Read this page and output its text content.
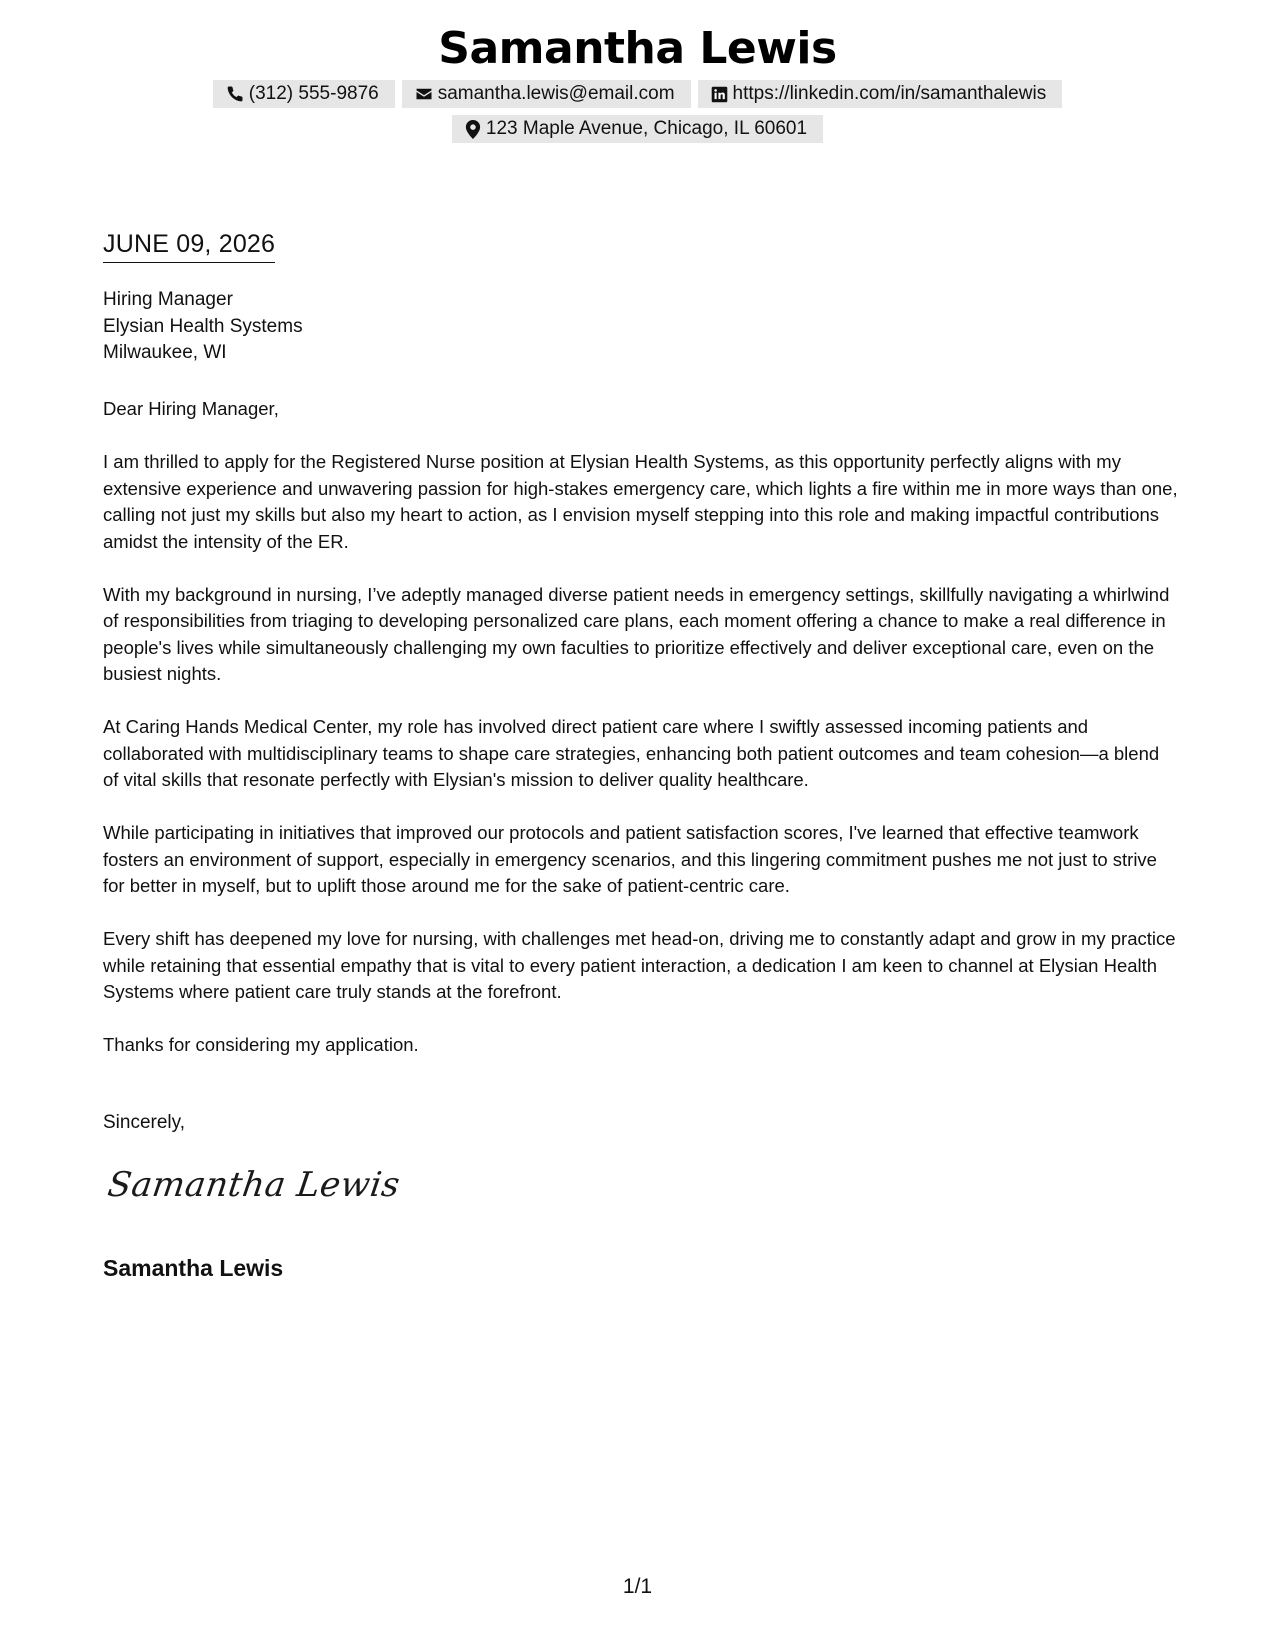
Samantha Lewis
(312) 555-9876	samantha.lewis@email.com	https://linkedin.com/in/samanthalewis
123 Maple Avenue, Chicago, IL 60601
JUNE 09, 2026
Hiring Manager
Elysian Health Systems
Milwaukee, WI

Dear Hiring Manager,

I am thrilled to apply for the Registered Nurse position at Elysian Health Systems, as this opportunity perfectly aligns with my extensive experience and unwavering passion for high-stakes emergency care, which lights a fire within me in more ways than one, calling not just my skills but also my heart to action, as I envision myself stepping into this role and making impactful contributions amidst the intensity of the ER.

With my background in nursing, I’ve adeptly managed diverse patient needs in emergency settings, skillfully navigating a whirlwind of responsibilities from triaging to developing personalized care plans, each moment offering a chance to make a real difference in people's lives while simultaneously challenging my own faculties to prioritize effectively and deliver exceptional care, even on the busiest nights.

At Caring Hands Medical Center, my role has involved direct patient care where I swiftly assessed incoming patients and collaborated with multidisciplinary teams to shape care strategies, enhancing both patient outcomes and team cohesion—a blend of vital skills that resonate perfectly with Elysian's mission to deliver quality healthcare.

While participating in initiatives that improved our protocols and patient satisfaction scores, I've learned that effective teamwork fosters an environment of support, especially in emergency scenarios, and this lingering commitment pushes me not just to strive for better in myself, but to uplift those around me for the sake of patient-centric care.

Every shift has deepened my love for nursing, with challenges met head-on, driving me to constantly adapt and grow in my practice while retaining that essential empathy that is vital to every patient interaction, a dedication I am keen to channel at Elysian Health Systems where patient care truly stands at the forefront.

Thanks for considering my application.

Sincerely,
Samantha Lewis
Samantha Lewis
1/1
